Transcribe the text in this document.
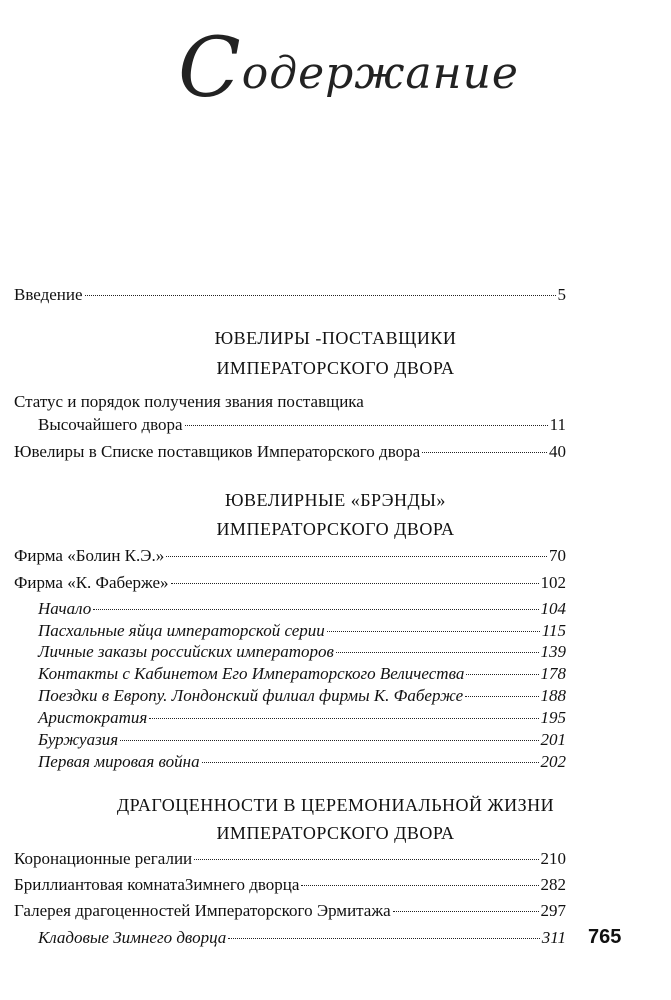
Содержание
Введение	5
ЮВЕЛИРЫ -ПОСТАВЩИКИ
ИМПЕРАТОРСКОГО ДВОРА
Статус и порядок получения звания поставщика
Высочайшего двора	11
Ювелиры в Списке поставщиков Императорского двора	40
ЮВЕЛИРНЫЕ «БРЭНДЫ»
ИМПЕРАТОРСКОГО ДВОРА
Фирма «Болин К.Э.»	70
Фирма «К. Фаберже»	102
Начало	104
Пасхальные яйца императорской серии	115
Личные заказы российских императоров	139
Контакты с Кабинетом Его Императорского Величества	178
Поездки в Европу. Лондонский филиал фирмы К. Фаберже	188
Аристократия	195
Буржуазия	201
Первая мировая война	202
ДРАГОЦЕННОСТИ В ЦЕРЕМОНИАЛЬНОЙ ЖИЗНИ
ИМПЕРАТОРСКОГО ДВОРА
Коронационные регалии	210
Бриллиантовая комнатаЗимнего дворца	282
Галерея драгоценностей Императорского Эрмитажа	297
Кладовые Зимнего дворца	311 765
